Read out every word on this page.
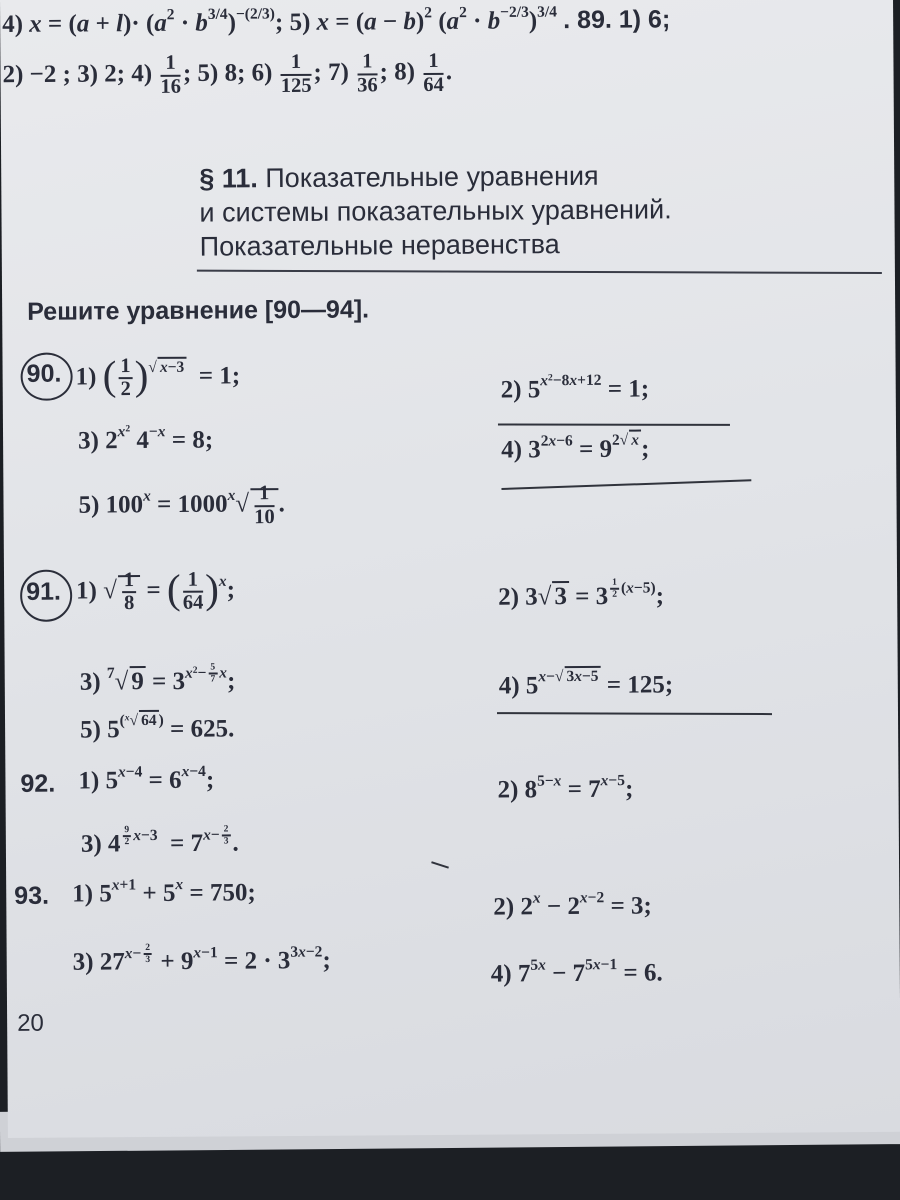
4) $x = (a + l)\cdot (a^2 \cdot b^{3/4})^{-(2/3)}$; 5) $x = (a - b)^2$ $(a^2 \cdot b^{-2/3})^{3/4}$ . 89. 1) 6;
2) −2 ; 3) 2; $4) \frac{1}{16}$ ; 5) 8; $6) \frac{1}{125}$ ; $7) \frac{1}{36}$ ; $8) \frac{1}{64}$ .
§ 11. Показательные уравнения
и системы показательных уравнений.
Показательные неравенства
Решите уравнение [90—94].
90. 1) ( $\frac{1}{2} )^{√ x-3} = 1$;
2) $5^{x^2-8x+12} = 1$;
3) $2^{x^2}$ $4^{-x} = 8$;	4) $3^{2x-6} = 9^{2√ x}$;
5) $100^x = 1000^x√ \frac{1}{10}$ .
91. 1) √ $\frac{1}{8}$ = ( $\frac{1}{64} )^x$;	2) 3√ 3 = 3 $^{\frac{1}{2} (x-5)}$;
3) $^7$√ $9 = 3^{x^2- \frac{5}{7} x}$;	4) $5^{x-√ 3x-5} = 125$;
5) $5^{(^x√ 64 )} = 625$.
92. 1) $5^{x-4} = 6^{x-4}$;	2) $8^{5-x} = 7^{x-5}$;
3) 4 $^{\frac{9}{2} x-3} = 7^{x- \frac{2}{3}}$ .
93. 1) $5^{x+1} + 5^x = 750$;
2) $2^x - 2^{x-2} = 3$;
3) $27^{x- \frac{2}{3}} + 9^{x-1} = 2 \cdot 3^{3x-2}$;	4) $7^{5x} - 7^{5x-1} = 6$.
20
